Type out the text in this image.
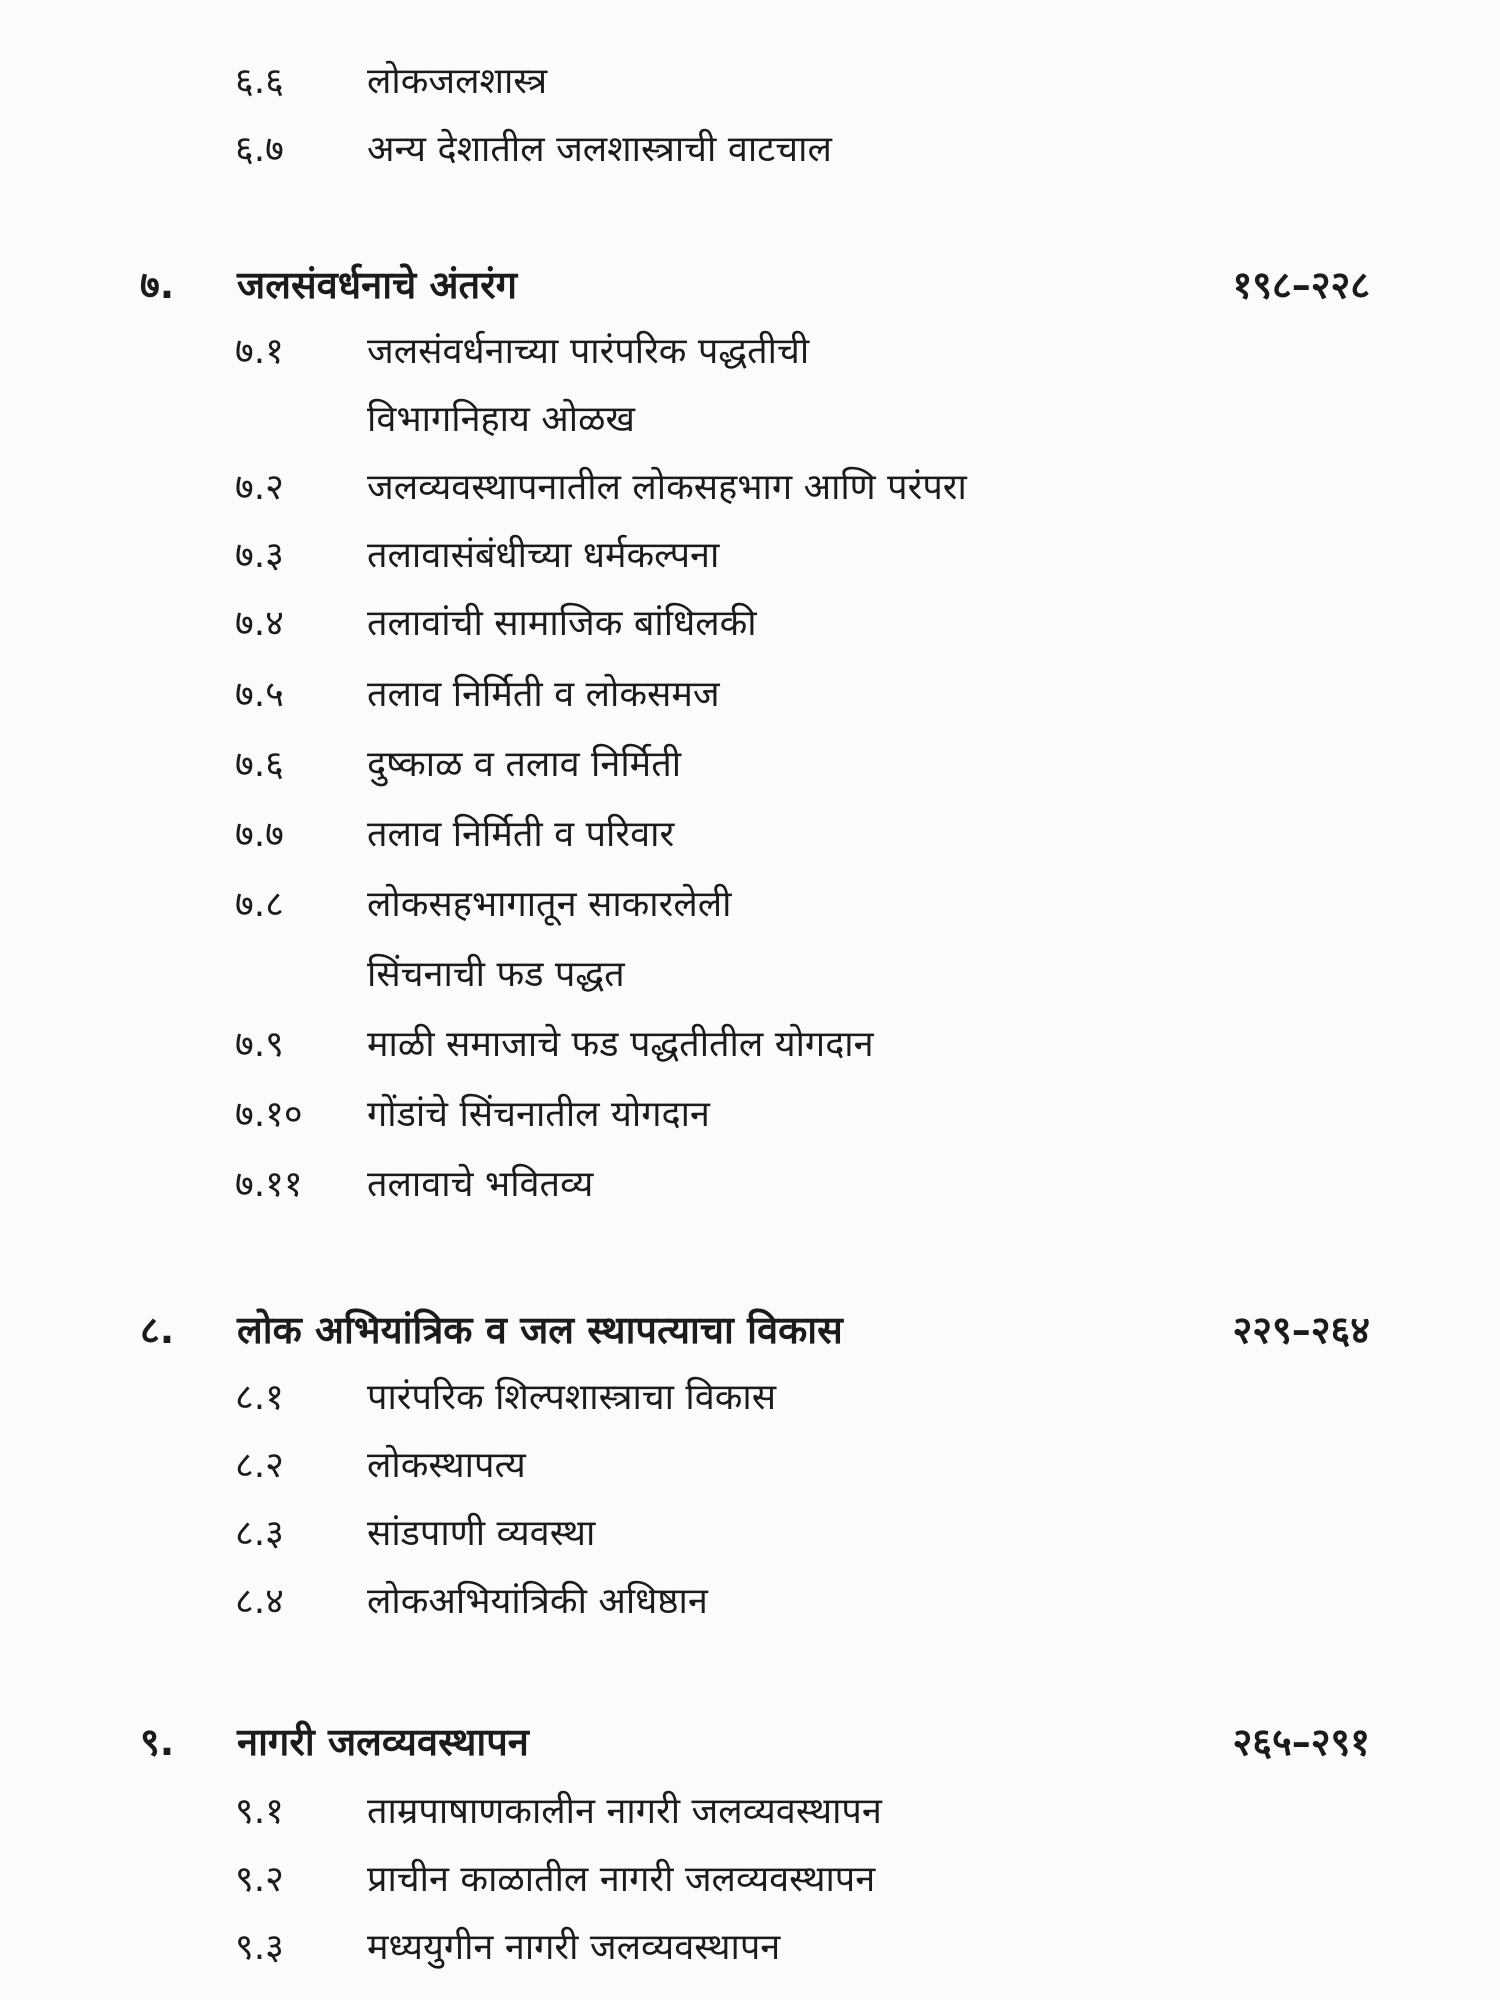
६.६ लोकजलशास्त्र
६.७ अन्य देशातील जलशास्त्राची वाटचाल
७. जलसंवर्धनाचे अंतरंग	१९८–२२८
७.१ जलसंवर्धनाच्या पारंपरिक पद्धतीची
विभागनिहाय ओळख
७.२ जलव्यवस्थापनातील लोकसहभाग आणि परंपरा
७.३ तलावासंबंधीच्या धर्मकल्पना
७.४ तलावांची सामाजिक बांधिलकी
७.५ तलाव निर्मिती व लोकसमज
७.६ दुष्काळ व तलाव निर्मिती
७.७ तलाव निर्मिती व परिवार
७.८ लोकसहभागातून साकारलेली
सिंचनाची फड पद्धत
७.९ माळी समाजाचे फड पद्धतीतील योगदान
७.१० गोंडांचे सिंचनातील योगदान
७.११ तलावाचे भवितव्य
८. लोक अभियांत्रिक व जल स्थापत्याचा विकास	२२९–२६४
८.१ पारंपरिक शिल्पशास्त्राचा विकास
८.२ लोकस्थापत्य
८.३ सांडपाणी व्यवस्था
८.४ लोकअभियांत्रिकी अधिष्ठान
९. नागरी जलव्यवस्थापन	२६५–२९१
९.१ ताम्रपाषाणकालीन नागरी जलव्यवस्थापन
९.२ प्राचीन काळातील नागरी जलव्यवस्थापन
९.३ मध्ययुगीन नागरी जलव्यवस्थापन
